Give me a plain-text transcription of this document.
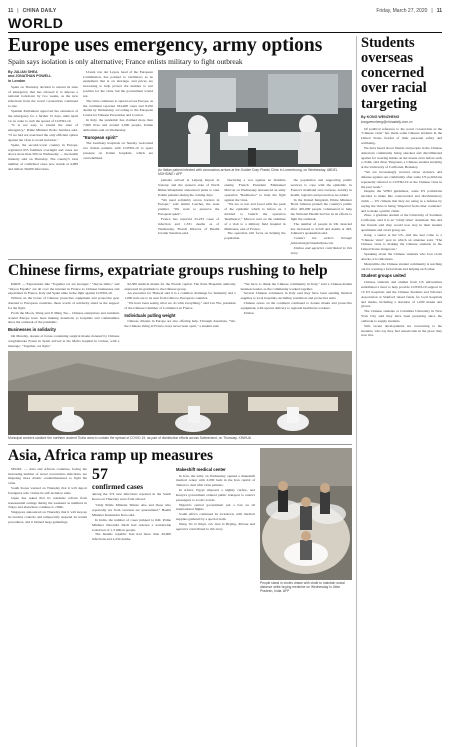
11 | CHINA DAILY	Friday, March 27, 2020 | 11
WORLD
Europe uses emergency, army options
Spain says isolation is only alternative; France enlists military to fight outbreak
By JULIAN SHEA
and JONATHAN POWELL
in London

Spain on Thursday decided to extend its state of emergency that has allowed it to impose a national lockdown by two weeks, as the new infections from the novel coronavirus continued to rise.

Spanish Parliament approved the extension of the emergency for a further 15 days, until April 12, in order to curb the spread of COVID-19.

"It is not easy to extend the state of emergency," Prime Minister Pedro Sanchez said. "If we had not exercised the only efficient option against the virus to avoid isolation."

Spain, the second-worst country in Europe, registered 655 fatalities overnight and cases are above more than 500 on Wednesday — the health ministry said on Thursday. The country's total number of confirmed cases now stands at 4,089 and almost 56,000 infections.

Ursula von der Leyen, head of the European Commission, has pointed to ventilators as an equipment that is on shortage, and prices are increasing to help protect the number to test positive for the virus, but the government would not.

The virus continues to spread across Europe, as the continent reported 184,408 cases and 8,250 deaths by Wednesday, according to the European Centre for Disease Prevention and Control.

In Italy, the pandemic has claimed more than 7,000 lives and around 2,000 people, Italian authorities said on Wednesday.

"European spirit"

The Germany hospitals on Sunday welcomed two Italian patients with COVID-19 to spare pressure on Italian hospitals, which are overwhelmed.

An Italian patient infected with coronavirus arrives at the Golden Dorp Plastic Clinic in Luxembourg, on Wednesday. ABDEL MOHSINE / AFP

patients arrived at Leipzig airport in Saxony, and the western state of North Rhine-Westphalia announced plans to take Italian patients during the coming days.

"We need solidarity across borders in Europe," said Armin Laschet, the state premier. "We want to preserve the European spirit".

France has reported 25,233 cases of infection and 1,331 deaths as of Wednesday, French Director of Health Jerome Salomon said.

Declaring a war against an invisible enemy, French President Emmanuel Macron on Wednesday announced an army operation "Resilience" to help the fight against the virus.

"We are at war and faced with the peak of the epidemic which is before us. I decided to launch the operation 'Resilience'," Macron said on the sidelines of a visit to a military field hospital in Mulhouse, east of France.

The operation will focus on helping the population.

the population and supporting public services to cope with the epidemic, in France's mainland and overseas, notably in health, logistics and protection, he added.

In the United Kingdom, Prime Minister Boris Johnson praised the country's public after 405,000 people volunteered to help the National Health Service in its efforts to fight the outbreak.

The number of people in UK detected has increased to 9,529 and deaths at 463, Johnson's spokesman said.

Contact the writers through julianshea@chinadailyuk.com

Xinhua and agencies contributed to this story.

Chinese firms, expatriate groups rushing to help

PARIS — Expressions like "Together we are stronger," "Jiayou Italia," and "Jiayou España" are all over the internet in France as Chinese businesses and expatriates in France, Italy and Spain unite in the fight against COVID-19.

Written on the boxes of Chinese protective equipment and protective gear donated to European countries, these words of solidarity stand as the support for the fight.

From the Moon, Wang and Ji Ming Tao... Chinese enterprises and residents around Europe have been making donations to hospitals and communities since the outbreak of the pandemic.

Businesses in solidarity

On Monday, dozens of boxes containing surgical masks donated by Chinese conglomerate Fosun in Spain arrived at the Mafra hospital in Lisbon, with a message: "Together, we fight."

92,300 medical masks for the French capital. The Paris Hospitals authority expressed its gratitude to the Chinese group.

An executive for Huawei said it is a common challenge for humanity and a 1,000 tests are to be sent from China to European countries.

"We have been seeing what we do with everything," said Liu Yin, president of the Chinese Chamber of Commerce in France.

Individuals pulling weight

Chinese citizens in Europe are also offering help. Through donations, "We, the Chinese living in France, have never been apart," a student said.

"We have to thank the Chinese community in Italy," said a Chinese-Italian business leader, as the community worked together.

Several Chinese volunteers in Italy said they have been sending medical supplies to local hospitals, including ventilators and protective suits.

Chinese stores on the continent continued to donate masks and protective equipment, with special delivery to regional healthcare workers.

Xinhua

Municipal workers sanitize the northern ancient Ticino area to contain the spread of COVID-19, as part of disinfection efforts across Switzerland, on Thursday. XINHUA
Asia, Africa ramp up measures

SEOUL — Asia and African countries, facing the increasing number of novel coronavirus infections, are imposing more drastic countermeasures to fight the virus.

South Korea warned on Thursday that it will deport foreigners who violate its self-isolation rules.

Japan has asked that its residents refrain from nonessential outings during the weekend as numbers in Tokyo and elsewhere continue to climb.

Singapore announced on Thursday that it will step up its borders controls and temporarily suspend its transit procedures, and it banned large gatherings.

57
confirmed cases
among the 374 new infections reported in the South Korea on Thursday were from abroad.

"Only Prime Minister Shinzo Abe and those who reportedly are from overseas are quarantined," Health Minister Katsunobu Kato said.

In India, the number of cases jumped to 649. Prime Minister Narendra Modi had ordered a nationwide lockdown of 1.3 billion people.

The Islamic republic Iran had more than 29,000 infections and 2,234 deaths.

Makeshift medical center

In Iran, the army on Wednesday opened a makeshift medical center with 2,000 beds in the Iran capital of Tehran to deal with virus patients.

In Africa, Egypt imposed a nightly curfew, and Kenya's government ordered public transport to restrict passengers to avoid crowds.

Nigeria's central government put a ban on all international flights.

South Africa continued its lockdown, with medical supplies gathered by a special team.

Wang Jin in Tokyo, Liu Jian in Beijing, Xinhua and agencies contributed to this story.

People stand in circles drawn with chalk to maintain social distance while buying medicine on Wednesday in Uttar Pradesh, India. AFP
Students overseas concerned over racial targeting
By KONG WENZHENG
kongwenzheng@chinadaily.com.cn

Of political reference to the novel coronavirus as the "Chinese virus" has made some Chinese students in the United States fearful of their personal safety and wellbeing.

We have heard about friends and people in the Chinese American community being attacked and discriminated against for wearing masks on the streets even before such a claim, said Zhao Yingxuan, a Chinese student studying at the University of California, Berkeley.

"We are increasingly worried about violence and defense against our community after some US politicians repeatedly referred to COVID-19 as the Chinese virus in the past week."

Despite the WHO guidelines, some US politicians decided to make this controversial and discriminatory claim — US citizens that they are using as a defense by saying the virus is being "imported from other countries" and to make a public claim.

Zhao, a graduate student at the University of Southern California, said it is an "oddly tame" statement. She and her friends said they would now stay in their student apartments and avoid going out.

Jiang, a senior at the US, said she had come to a "Chinese virus" post in which an attendee said, "The Chinese virus is making the Chinese students in the United States dangerous."

Speaking about the Chinese students who face racist attacks, it is ridiculous.

Meanwhile, the Chinese student community is reaching out for wearing a facial mask and helping each other.

Student groups united

Chinese students and alumni from US universities established a fund to help provide COVID-19 support in 10 US hospitals, and the Chinese Students and Scholars Association at Stanford raised funds for local hospitals and masks, including a donation of 1,000 masks and gloves.

The Chinese students at Columbia University in New York City said they have been preparing since the outbreak to supply students.

Still, recent developments are concerning to the students, who say they feel unwelcome in the place they now live.
